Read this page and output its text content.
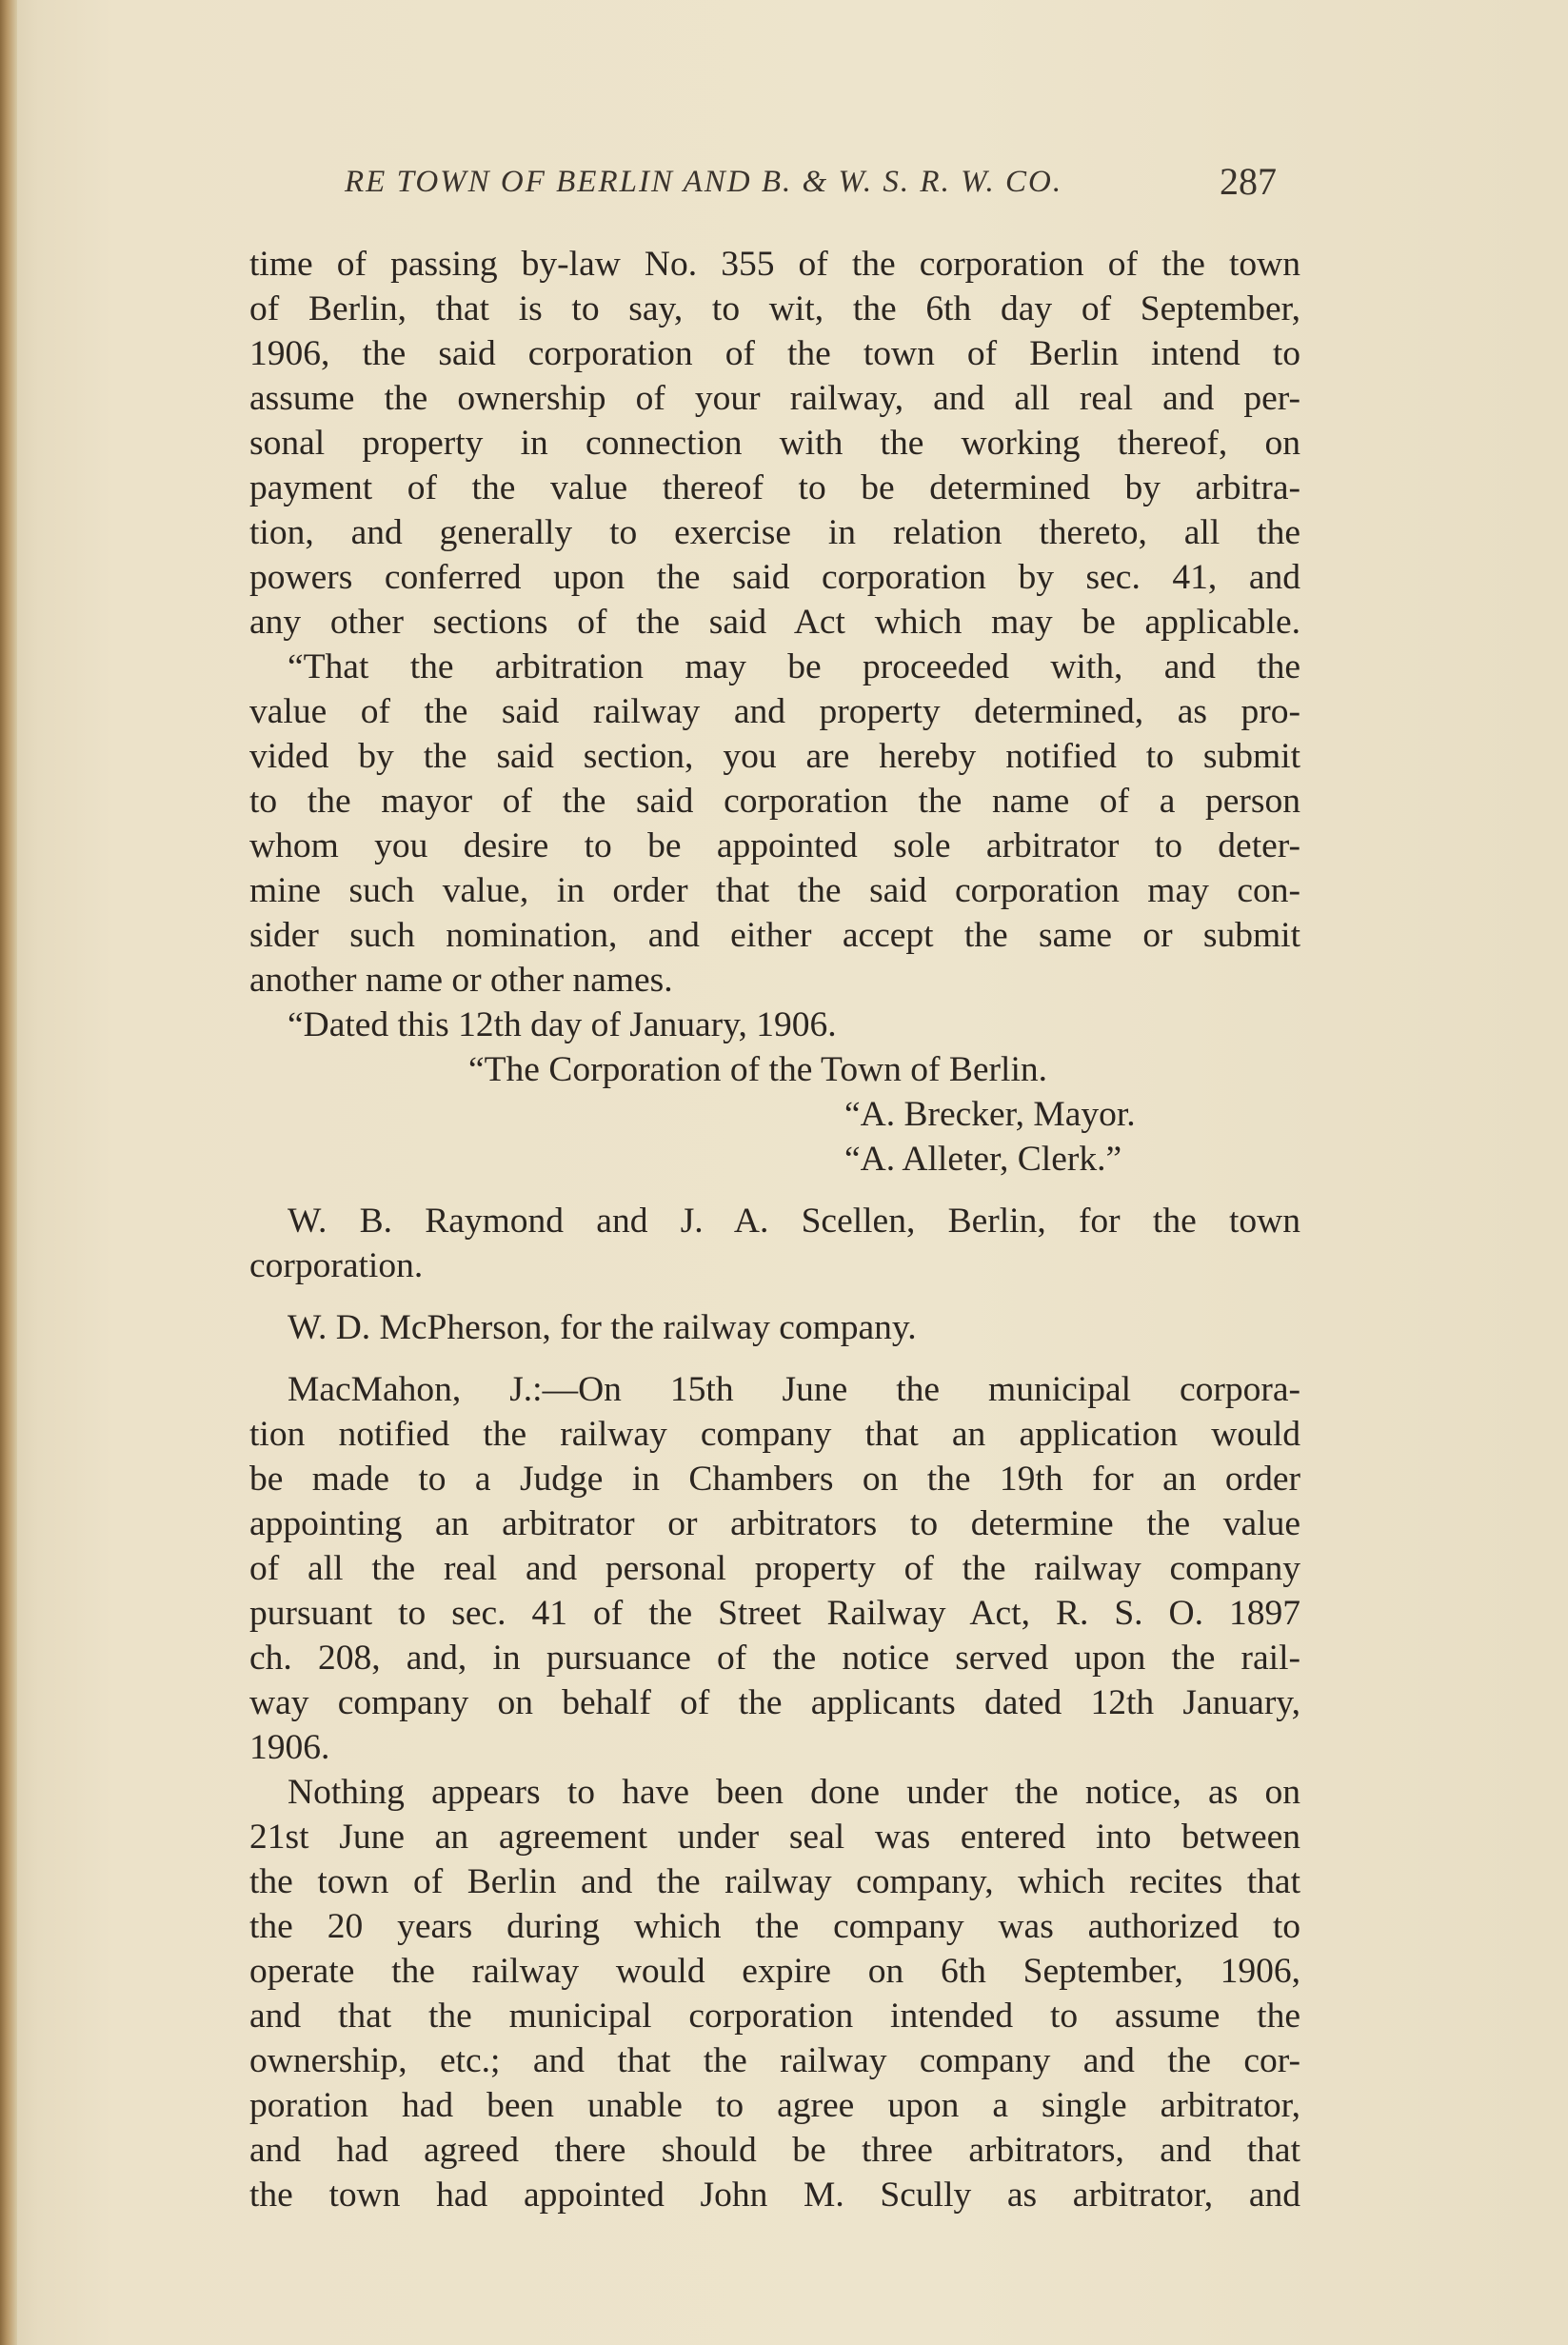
RE TOWN OF BERLIN AND B. & W. S. R. W. CO.	287
time of passing by-law No. 355 of the corporation of the town
of Berlin, that is to say, to wit, the 6th day of September,
1906, the said corporation of the town of Berlin intend to
assume the ownership of your railway, and all real and per-
sonal property in connection with the working thereof, on
payment of the value thereof to be determined by arbitra-
tion, and generally to exercise in relation thereto, all the
powers conferred upon the said corporation by sec. 41, and
any other sections of the said Act which may be applicable.
“That the arbitration may be proceeded with, and the
value of the said railway and property determined, as pro-
vided by the said section, you are hereby notified to submit
to the mayor of the said corporation the name of a person
whom you desire to be appointed sole arbitrator to deter-
mine such value, in order that the said corporation may con-
sider such nomination, and either accept the same or submit
another name or other names.
“Dated this 12th day of January, 1906.
“The Corporation of the Town of Berlin.
“A. Brecker, Mayor.
“A. Alleter, Clerk.”
W. B. Raymond and J. A. Scellen, Berlin, for the town
corporation.
W. D. McPherson, for the railway company.
MacMahon, J.:—On 15th June the municipal corpora-
tion notified the railway company that an application would
be made to a Judge in Chambers on the 19th for an order
appointing an arbitrator or arbitrators to determine the value
of all the real and personal property of the railway company
pursuant to sec. 41 of the Street Railway Act, R. S. O. 1897
ch. 208, and, in pursuance of the notice served upon the rail-
way company on behalf of the applicants dated 12th January,
1906.
Nothing appears to have been done under the notice, as on
21st June an agreement under seal was entered into between
the town of Berlin and the railway company, which recites that
the 20 years during which the company was authorized to
operate the railway would expire on 6th September, 1906,
and that the municipal corporation intended to assume the
ownership, etc.; and that the railway company and the cor-
poration had been unable to agree upon a single arbitrator,
and had agreed there should be three arbitrators, and that
the town had appointed John M. Scully as arbitrator, and
